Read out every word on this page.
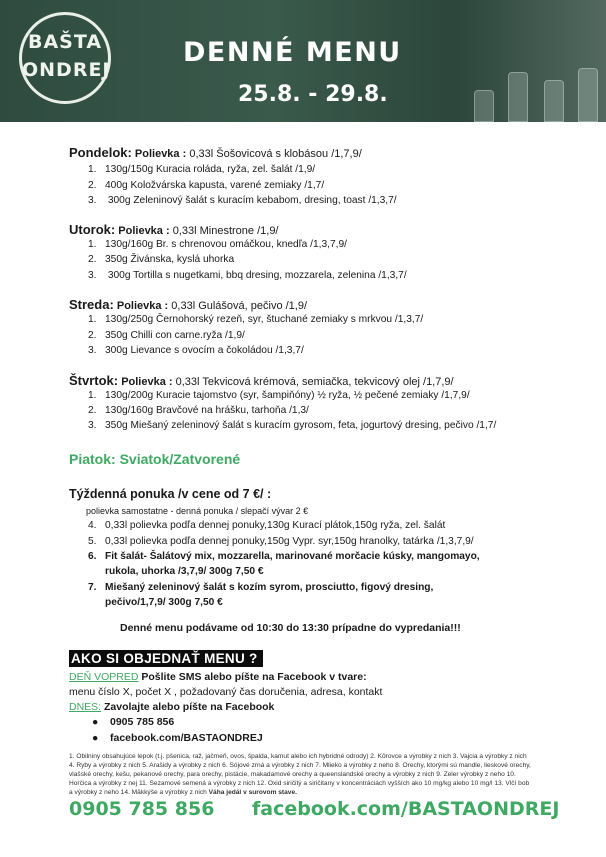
BAŠTA
ONDREJ
DENNÉ MENU
25.8. - 29.8.
Pondelok: Polievka : 0,33l Šošovicová s klobásou /1,7,9/
1. 130g/150g Kuracia roláda, ryža, zel. šalát /1,9/
2. 400g Koložvárska kapusta, varené zemiaky /1,7/
3. 300g Zeleninový šalát s kuracím kebabom, dresing, toast /1,3,7/
Utorok: Polievka : 0,33l Minestrone /1,9/
1. 130g/160g Br. s chrenovou omáčkou, knedľa /1,3,7,9/
2. 350g Živánska, kyslá uhorka
3. 300g Tortilla s nugetkami, bbq dresing, mozzarela, zelenina /1,3,7/
Streda: Polievka : 0,33l Gulášová, pečivo /1,9/
1. 130g/250g Černohorský rezeň, syr, štuchané zemiaky s mrkvou /1,3,7/
2. 350g Chilli con carne.ryža /1,9/
3. 300g Lievance s ovocím a čokoládou /1,3,7/
Štvrtok: Polievka : 0,33l Tekvicová krémová, semiačka, tekvicový olej /1,7,9/
1. 130g/200g Kuracie tajomstvo (syr, šampiňóny) ½ ryža, ½ pečené zemiaky /1,7,9/
2. 130g/160g Bravčové na hrášku, tarhoňa /1,3/
3. 350g Miešaný zeleninový šalát s kuracím gyrosom, feta, jogurtový dresing, pečivo /1,7/
Piatok: Sviatok/Zatvorené
Týždenná ponuka /v cene od 7 €/ :
polievka samostatne - denná ponuka / slepačí vývar 2 €
4. 0,33l polievka podľa dennej ponuky,130g Kurací plátok,150g ryža, zel. šalát
5. 0,33l polievka podľa dennej ponuky,150g Vypr. syr,150g hranolky, tatárka /1,3,7,9/
6. Fit šalát- Šalátový mix, mozzarella, marinované morčacie kúsky, mangomayo,
rukola, uhorka /3,7,9/ 300g 7,50 €
7. Miešaný zeleninový šalát s kozím syrom, prosciutto, figový dresing,
pečivo/1,7,9/ 300g 7,50 €
Denné menu podávame od 10:30 do 13:30 prípadne do vypredania!!!
AKO SI OBJEDNAŤ MENU ?
DEŇ VOPRED Pošlite SMS alebo píšte na Facebook v tvare:
menu číslo X, počet X , požadovaný čas doručenia, adresa, kontakt
DNES: Zavolajte alebo píšte na Facebook
● 0905 785 856
● facebook.com/BASTAONDREJ
1. Obilniny obsahujúce lepok (t.j. pšenica, raž, jačmeň, ovos, špalda, kamut alebo ich hybridné odrody) 2. Kôrovce a výrobky z nich 3. Vajcia a výrobky z nich
4. Ryby a výrobky z nich 5. Arašidy a výrobky z nich 6. Sójové zrná a výrobky z nich 7. Mlieko a výrobky z neho 8. Orechy, ktorými sú mandle, lieskové orechy,
vlašské orechy, kešu, pekanové orechy, para orechy, pistácie, makadamové orechy a queenslandské orechy a výrobky z nich 9. Zeler výrobky z neho 10.
Horčica a výrobky z nej 11. Sezamové semená a výrobky z nich 12. Oxid siričitý a siričitany v koncentráciách vyšších ako 10 mg/kg alebo 10 mg/l 13. Vlčí bob
a výrobky z neho 14. Mäkkýše a výrobky z nich Váha jedál v surovom stave.
0905 785 856 facebook.com/BASTAONDREJ
